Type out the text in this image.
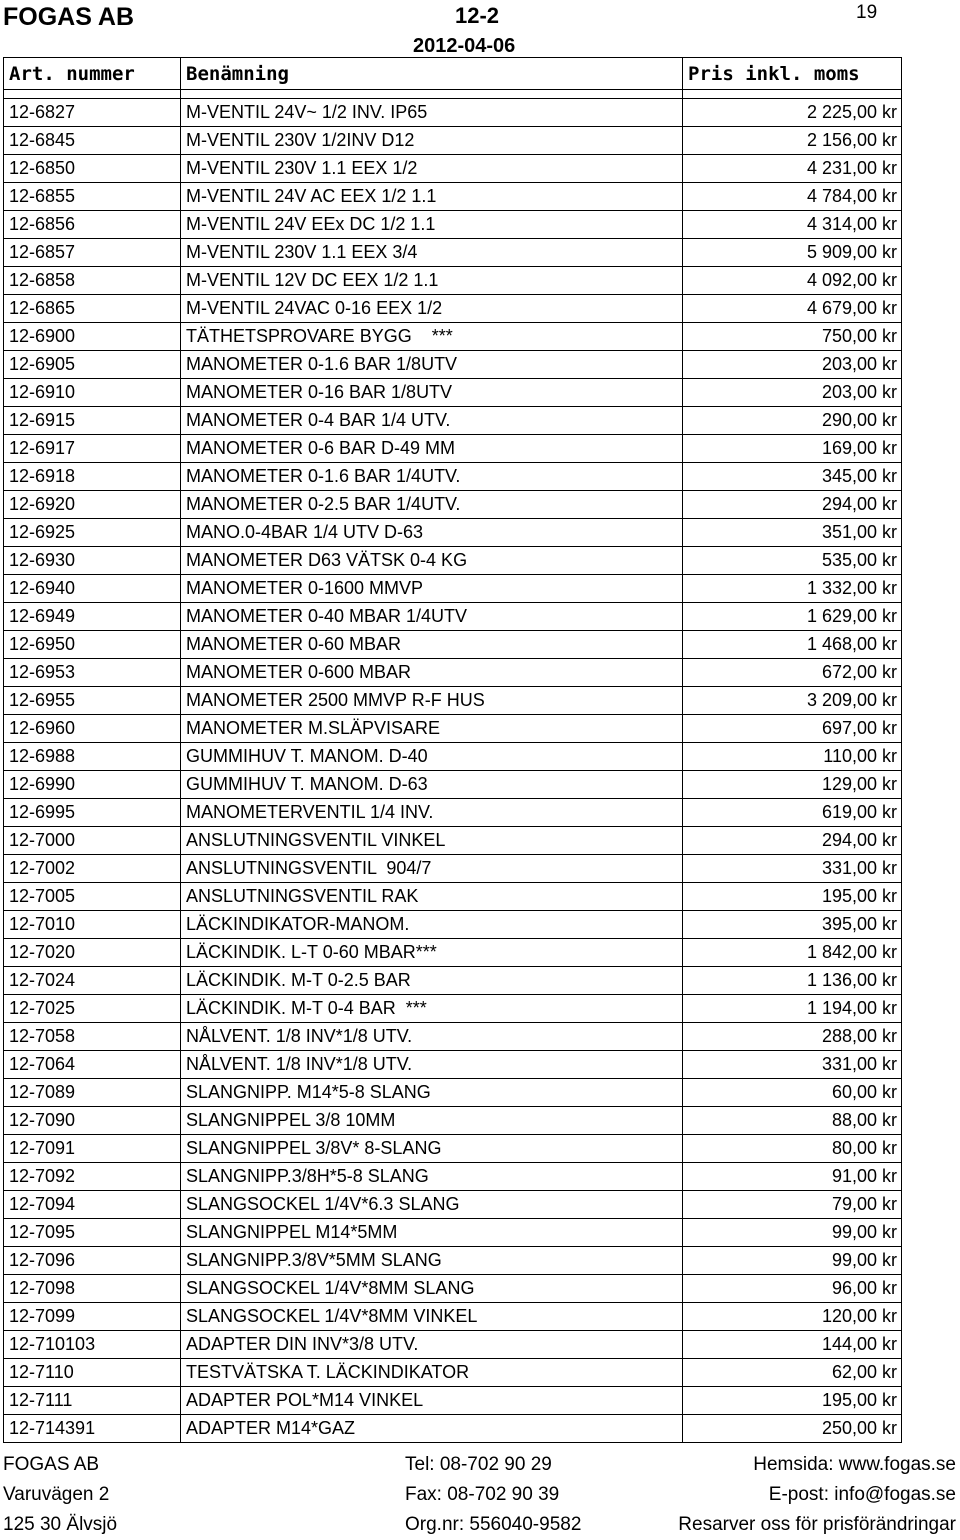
FOGAS AB	12-2	19
2012-04-06
Art. nummer	Benämning	Pris inkl. moms

12-6827	M-VENTIL 24V~ 1/2 INV. IP65	2 225,00 kr
12-6845	M-VENTIL 230V 1/2INV D12	2 156,00 kr
12-6850	M-VENTIL 230V 1.1 EEX 1/2	4 231,00 kr
12-6855	M-VENTIL 24V AC EEX 1/2 1.1	4 784,00 kr
12-6856	M-VENTIL 24V EEx DC 1/2 1.1	4 314,00 kr
12-6857	M-VENTIL 230V 1.1 EEX 3/4	5 909,00 kr
12-6858	M-VENTIL 12V DC EEX 1/2 1.1	4 092,00 kr
12-6865	M-VENTIL 24VAC 0-16 EEX 1/2	4 679,00 kr
12-6900	TÄTHETSPROVARE BYGG    ***	750,00 kr
12-6905	MANOMETER 0-1.6 BAR 1/8UTV	203,00 kr
12-6910	MANOMETER 0-16 BAR 1/8UTV	203,00 kr
12-6915	MANOMETER 0-4 BAR 1/4 UTV.	290,00 kr
12-6917	MANOMETER 0-6 BAR D-49 MM	169,00 kr
12-6918	MANOMETER 0-1.6 BAR 1/4UTV.	345,00 kr
12-6920	MANOMETER 0-2.5 BAR 1/4UTV.	294,00 kr
12-6925	MANO.0-4BAR 1/4 UTV D-63	351,00 kr
12-6930	MANOMETER D63 VÄTSK 0-4 KG	535,00 kr
12-6940	MANOMETER 0-1600 MMVP	1 332,00 kr
12-6949	MANOMETER 0-40 MBAR 1/4UTV	1 629,00 kr
12-6950	MANOMETER 0-60 MBAR	1 468,00 kr
12-6953	MANOMETER 0-600 MBAR	672,00 kr
12-6955	MANOMETER 2500 MMVP R-F HUS	3 209,00 kr
12-6960	MANOMETER M.SLÄPVISARE	697,00 kr
12-6988	GUMMIHUV T. MANOM. D-40	110,00 kr
12-6990	GUMMIHUV T. MANOM. D-63	129,00 kr
12-6995	MANOMETERVENTIL 1/4 INV.	619,00 kr
12-7000	ANSLUTNINGSVENTIL VINKEL	294,00 kr
12-7002	ANSLUTNINGSVENTIL  904/7	331,00 kr
12-7005	ANSLUTNINGSVENTIL RAK	195,00 kr
12-7010	LÄCKINDIKATOR-MANOM.	395,00 kr
12-7020	LÄCKINDIK. L-T 0-60 MBAR***	1 842,00 kr
12-7024	LÄCKINDIK. M-T 0-2.5 BAR	1 136,00 kr
12-7025	LÄCKINDIK. M-T 0-4 BAR  ***	1 194,00 kr
12-7058	NÅLVENT. 1/8 INV*1/8 UTV.	288,00 kr
12-7064	NÅLVENT. 1/8 INV*1/8 UTV.	331,00 kr
12-7089	SLANGNIPP. M14*5-8 SLANG	60,00 kr
12-7090	SLANGNIPPEL 3/8 10MM	88,00 kr
12-7091	SLANGNIPPEL 3/8V* 8-SLANG	80,00 kr
12-7092	SLANGNIPP.3/8H*5-8 SLANG	91,00 kr
12-7094	SLANGSOCKEL 1/4V*6.3 SLANG	79,00 kr
12-7095	SLANGNIPPEL M14*5MM	99,00 kr
12-7096	SLANGNIPP.3/8V*5MM SLANG	99,00 kr
12-7098	SLANGSOCKEL 1/4V*8MM SLANG	96,00 kr
12-7099	SLANGSOCKEL 1/4V*8MM VINKEL	120,00 kr
12-710103	ADAPTER DIN INV*3/8 UTV.	144,00 kr
12-7110	TESTVÄTSKA T. LÄCKINDIKATOR	62,00 kr
12-7111	ADAPTER POL*M14 VINKEL	195,00 kr
12-714391	ADAPTER M14*GAZ	250,00 kr
FOGAS AB
Varuvägen 2
125 30 Älvsjö
Tel: 08-702 90 29
Fax: 08-702 90 39
Org.nr: 556040-9582
Hemsida: www.fogas.se
E-post: info@fogas.se
Resarver oss för prisförändringar
